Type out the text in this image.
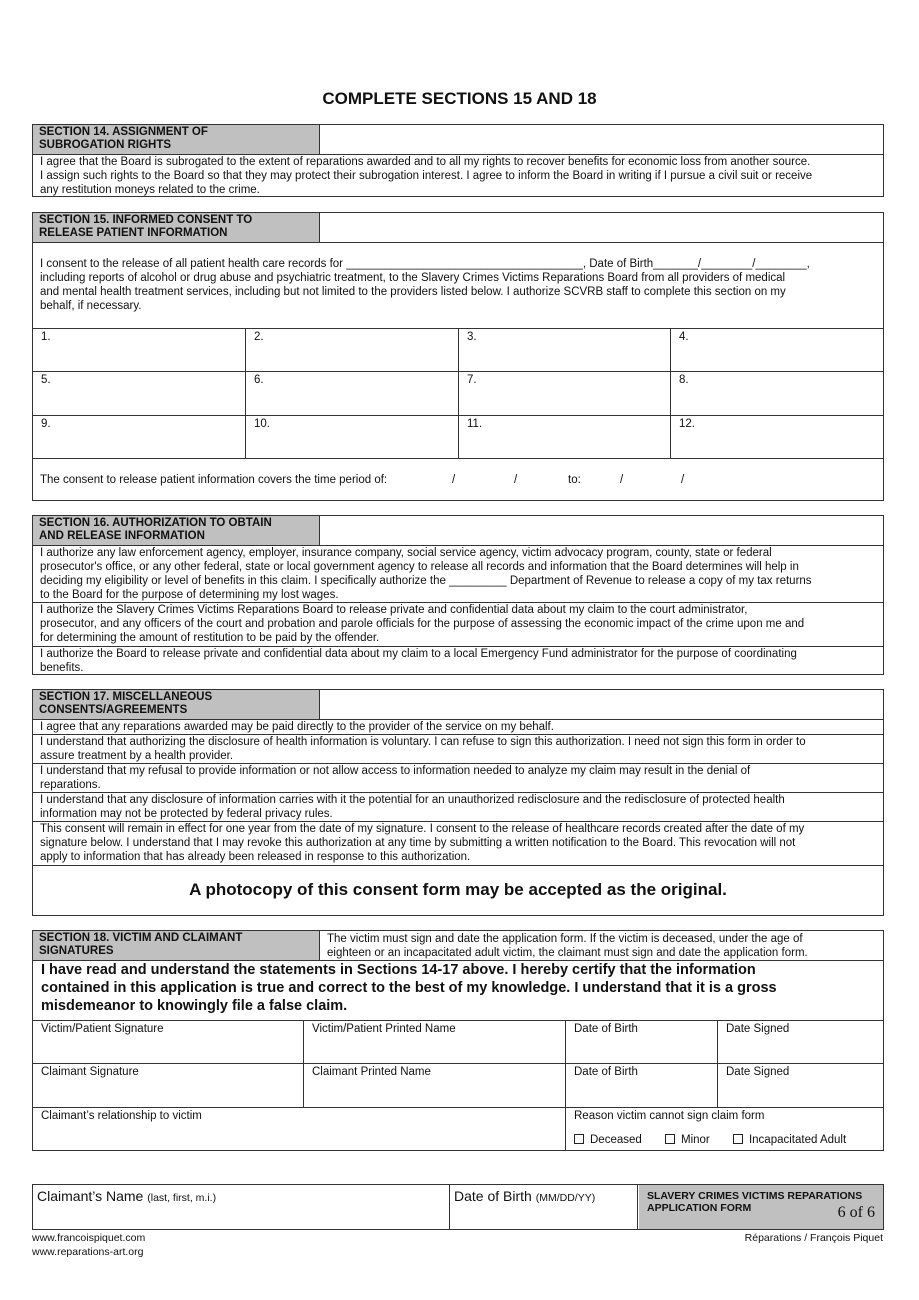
COMPLETE SECTIONS 15 AND 18
SECTION 14. ASSIGNMENT OF
SUBROGATION RIGHTS
I agree that the Board is subrogated to the extent of reparations awarded and to all my rights to recover benefits for economic loss from another source.
I assign such rights to the Board so that they may protect their subrogation interest. I agree to inform the Board in writing if I pursue a civil suit or receive
any restitution moneys related to the crime.
SECTION 15. INFORMED CONSENT TO
RELEASE PATIENT INFORMATION
I consent to the release of all patient health care records for _____________________________________, Date of Birth_______/________/________,
including reports of alcohol or drug abuse and psychiatric treatment, to the Slavery Crimes Victims Reparations Board from all providers of medical
and mental health treatment services, including but not limited to the providers listed below. I authorize SCVRB staff to complete this section on my
behalf, if necessary.
1.	2.	3.	4.
5.	6.	7.	8.
9.	10.	11.	12.
The consent to release patient information covers the time period of:	/	/	to:	/	/
SECTION 16. AUTHORIZATION TO OBTAIN
AND RELEASE INFORMATION
I authorize any law enforcement agency, employer, insurance company, social service agency, victim advocacy program, county, state or federal
prosecutor's office, or any other federal, state or local government agency to release all records and information that the Board determines will help in
deciding my eligibility or level of benefits in this claim. I specifically authorize the _________ Department of Revenue to release a copy of my tax returns
to the Board for the purpose of determining my lost wages.
I authorize the Slavery Crimes Victims Reparations Board to release private and confidential data about my claim to the court administrator,
prosecutor, and any officers of the court and probation and parole officials for the purpose of assessing the economic impact of the crime upon me and
for determining the amount of restitution to be paid by the offender.
I authorize the Board to release private and confidential data about my claim to a local Emergency Fund administrator for the purpose of coordinating
benefits.
SECTION 17. MISCELLANEOUS
CONSENTS/AGREEMENTS
I agree that any reparations awarded may be paid directly to the provider of the service on my behalf.
I understand that authorizing the disclosure of health information is voluntary. I can refuse to sign this authorization. I need not sign this form in order to
assure treatment by a health provider.
I understand that my refusal to provide information or not allow access to information needed to analyze my claim may result in the denial of
reparations.
I understand that any disclosure of information carries with it the potential for an unauthorized redisclosure and the redisclosure of protected health
information may not be protected by federal privacy rules.
This consent will remain in effect for one year from the date of my signature. I consent to the release of healthcare records created after the date of my
signature below. I understand that I may revoke this authorization at any time by submitting a written notification to the Board. This revocation will not
apply to information that has already been released in response to this authorization.
A photocopy of this consent form may be accepted as the original.
SECTION 18. VICTIM AND CLAIMANT
SIGNATURES
The victim must sign and date the application form. If the victim is deceased, under the age of
eighteen or an incapacitated adult victim, the claimant must sign and date the application form.
I have read and understand the statements in Sections 14-17 above. I hereby certify that the information
contained in this application is true and correct to the best of my knowledge. I understand that it is a gross
misdemeanor to knowingly file a false claim.
Victim/Patient Signature	Victim/Patient Printed Name	Date of Birth	Date Signed
Claimant Signature	Claimant Printed Name	Date of Birth	Date Signed
Claimant’s relationship to victim	Reason victim cannot sign claim form
Deceased	Minor	Incapacitated Adult
Claimant’s Name (last, first, m.i.)	Date of Birth (MM/DD/YY)	SLAVERY CRIMES VICTIMS REPARATIONS
APPLICATION FORM	6 of 6
www.francoispiquet.com
www.reparations-art.org
Réparations / François Piquet
